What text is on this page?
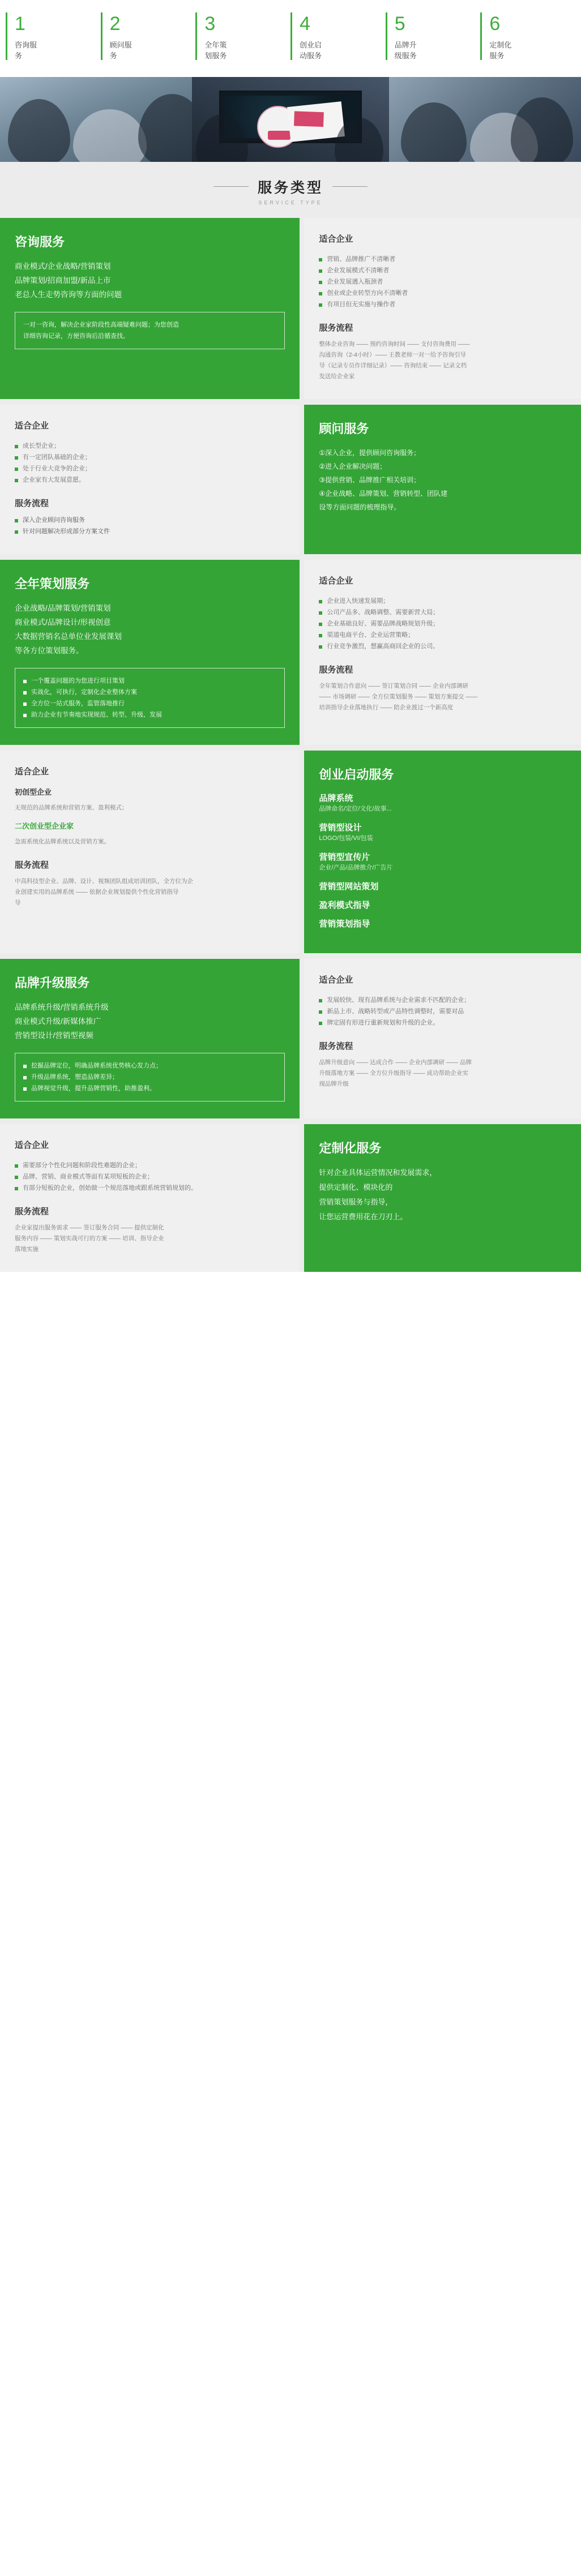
1
咨询服务
2
顾问服务
3
全年策划服务
4
创业启动服务
5
品牌升级服务
6
定制化服务
服务类型
SERVICE TYPE
咨询服务
商业模式/企业战略/营销策划
品牌策划/招商加盟/新品上市
老总人生走势咨询等方面的问题

一对一咨询，解决企业家阶段性高端疑难问题；为您创造

详细咨询记录，方便咨询后沿循查找。

适合企业
营销、品牌推广不清晰者
企业发展模式不清晰者
企业发展遇入瓶颈者
创业或企业转型方向不清晰者
有项目但无实施与操作者
服务流程
整体企业咨询 —— 预约咨询时间 —— 支付咨询费用 ——
沟通咨询（2-4小时）—— 王教老师一对一给予咨询引导
导（记录专员作详细记录）—— 咨询结束 —— 记录文档
发送给企业家
适合企业
成长型企业；
有一定团队基础的企业；
处于行业大竞争的企业；
企业家有大发展意愿。
服务流程
深入企业顾问咨询服务
针对问题解决形成部分方案文件
顾问服务
①深入企业，提供顾问咨询服务；
②进入企业解决问题；
③提供营销、品牌推广相关培训；
④企业战略、品牌策划、营销转型、团队建
设等方面问题的梳理指导。
全年策划服务
企业战略/品牌策划/营销策划
商业模式/品牌设计/形视创意
大数据营销名总单位业发展课划
等各方位策划服务。
一个覆盖问题的为您进行项目策划
实战化，可执行，定制化企业整体方案
全方位一站式服务，监管落地推行
助力企业有节奏地实现规范、转型、升级、发展
适合企业
企业进入快速发展期；
公司产品多、战略调整、需要新营大局；
企业基础良好、需要品牌战略规划升级；
渠道电商平台、企业运营策略；
行业竞争激烈，想赢高商回企业的公司。
服务流程
全年策划合作意向 —— 签订策划合同 —— 企业内部调研
—— 市场调研 —— 全方位策划服务 —— 策划方案提交 ——
培训指导企业落地执行 —— 陪企业渡过一个新高度
适合企业
初创型企业
无规范的品牌系统和营销方案、盈利模式；
二次创业型企业家
急需系统化品牌系统以及营销方案。
服务流程
中高科技型企业、品牌、设计、视频团队组成培训团队，全方位为企
业创建实用的品牌系统 —— 依据企业规划提供个性化营销指导
导
创业启动服务
品牌系统
品牌命名/定位/文化/故事...
营销型设计
LOGO/包装/VI/包装
营销型宣传片
企业/产品/品牌推介/广告片
营销型网站策划
盈利模式指导
营销策划指导
品牌升级服务
品牌系统升级/营销系统升级
商业模式升级/新媒体推广
营销型设计/营销型视频
挖掘品牌定位，明确品牌系统优势核心发力点；
升级品牌系统，塑造品牌差异；
品牌视觉升级，提升品牌营销性，助推盈利。
适合企业
发展较快、现有品牌系统与企业需求不匹配的企业；
新品上市、战略转型或产品特性调整时，需要对品
牌定固有形进行重新规划和升级的企业。
服务流程
品牌升级意向 —— 达成合作 —— 企业内部调研 —— 品牌
升级落地方案 —— 全方位升级指导 —— 成功帮助企业实
现品牌升级
适合企业
需要部分个性化问题和阶段性难题的企业；
品牌、营销、商业模式等面有某项短板的企业；
有部分短板的企业，创始做一个规范落地或跟系统营销规划的。
服务流程
企业家提出服务需求 —— 签订服务合同 —— 提供定制化
服务内容 —— 策划实战可行的方案 —— 培训、指导企业
落地实施
定制化服务

针对企业具体运营情况和发展需求，

提供定制化、模块化的

营销策划服务与指导，

让您运营费用花在刀刃上。
